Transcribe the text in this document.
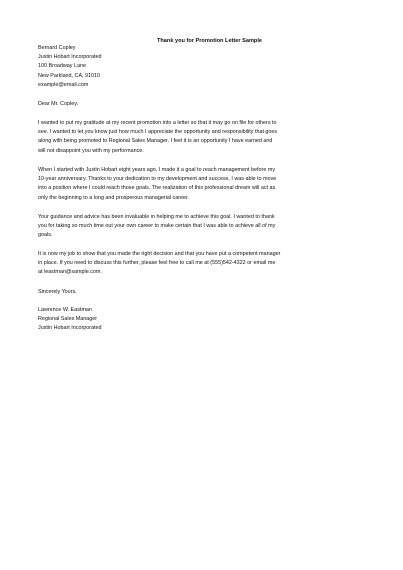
Thank you for Promotion Letter Sample
Bernard Copley
Justin Hobart Incorporated
100 Broadway Lane
New Parkland, CA, 91010
example@email.com
Dear Mr. Copley,
I wanted to put my gratitude at my recent promotion into a letter so that it may go on file for others to
see. I wanted to let you know just how much I appreciate the opportunity and responsibility that goes
along with being promoted to Regional Sales Manager. I feel it is an opportunity I have earned and
will not disappoint you with my performance.
When I started with Justin Hobart eight years ago, I made it a goal to reach management before my
10-year anniversary. Thanks to your dedication to my development and success, I was able to move
into a position where I could reach those goals. The realization of this professional dream will act as
only the beginning to a long and prosperous managerial career.
Your guidance and advice has been invaluable in helping me to achieve this goal. I wanted to thank
you for taking so much time out your own career to make certain that I was able to achieve all of my
goals.
It is now my job to show that you made the right decision and that you have put a competent manager
in place. If you need to discuss this further, please feel free to call me at (555)542-4322 or email me
at leastman@sample.com.
Sincerely Yours,
Lawrence W. Eastman
Regional Sales Manager
Justin Hobart Incorporated
